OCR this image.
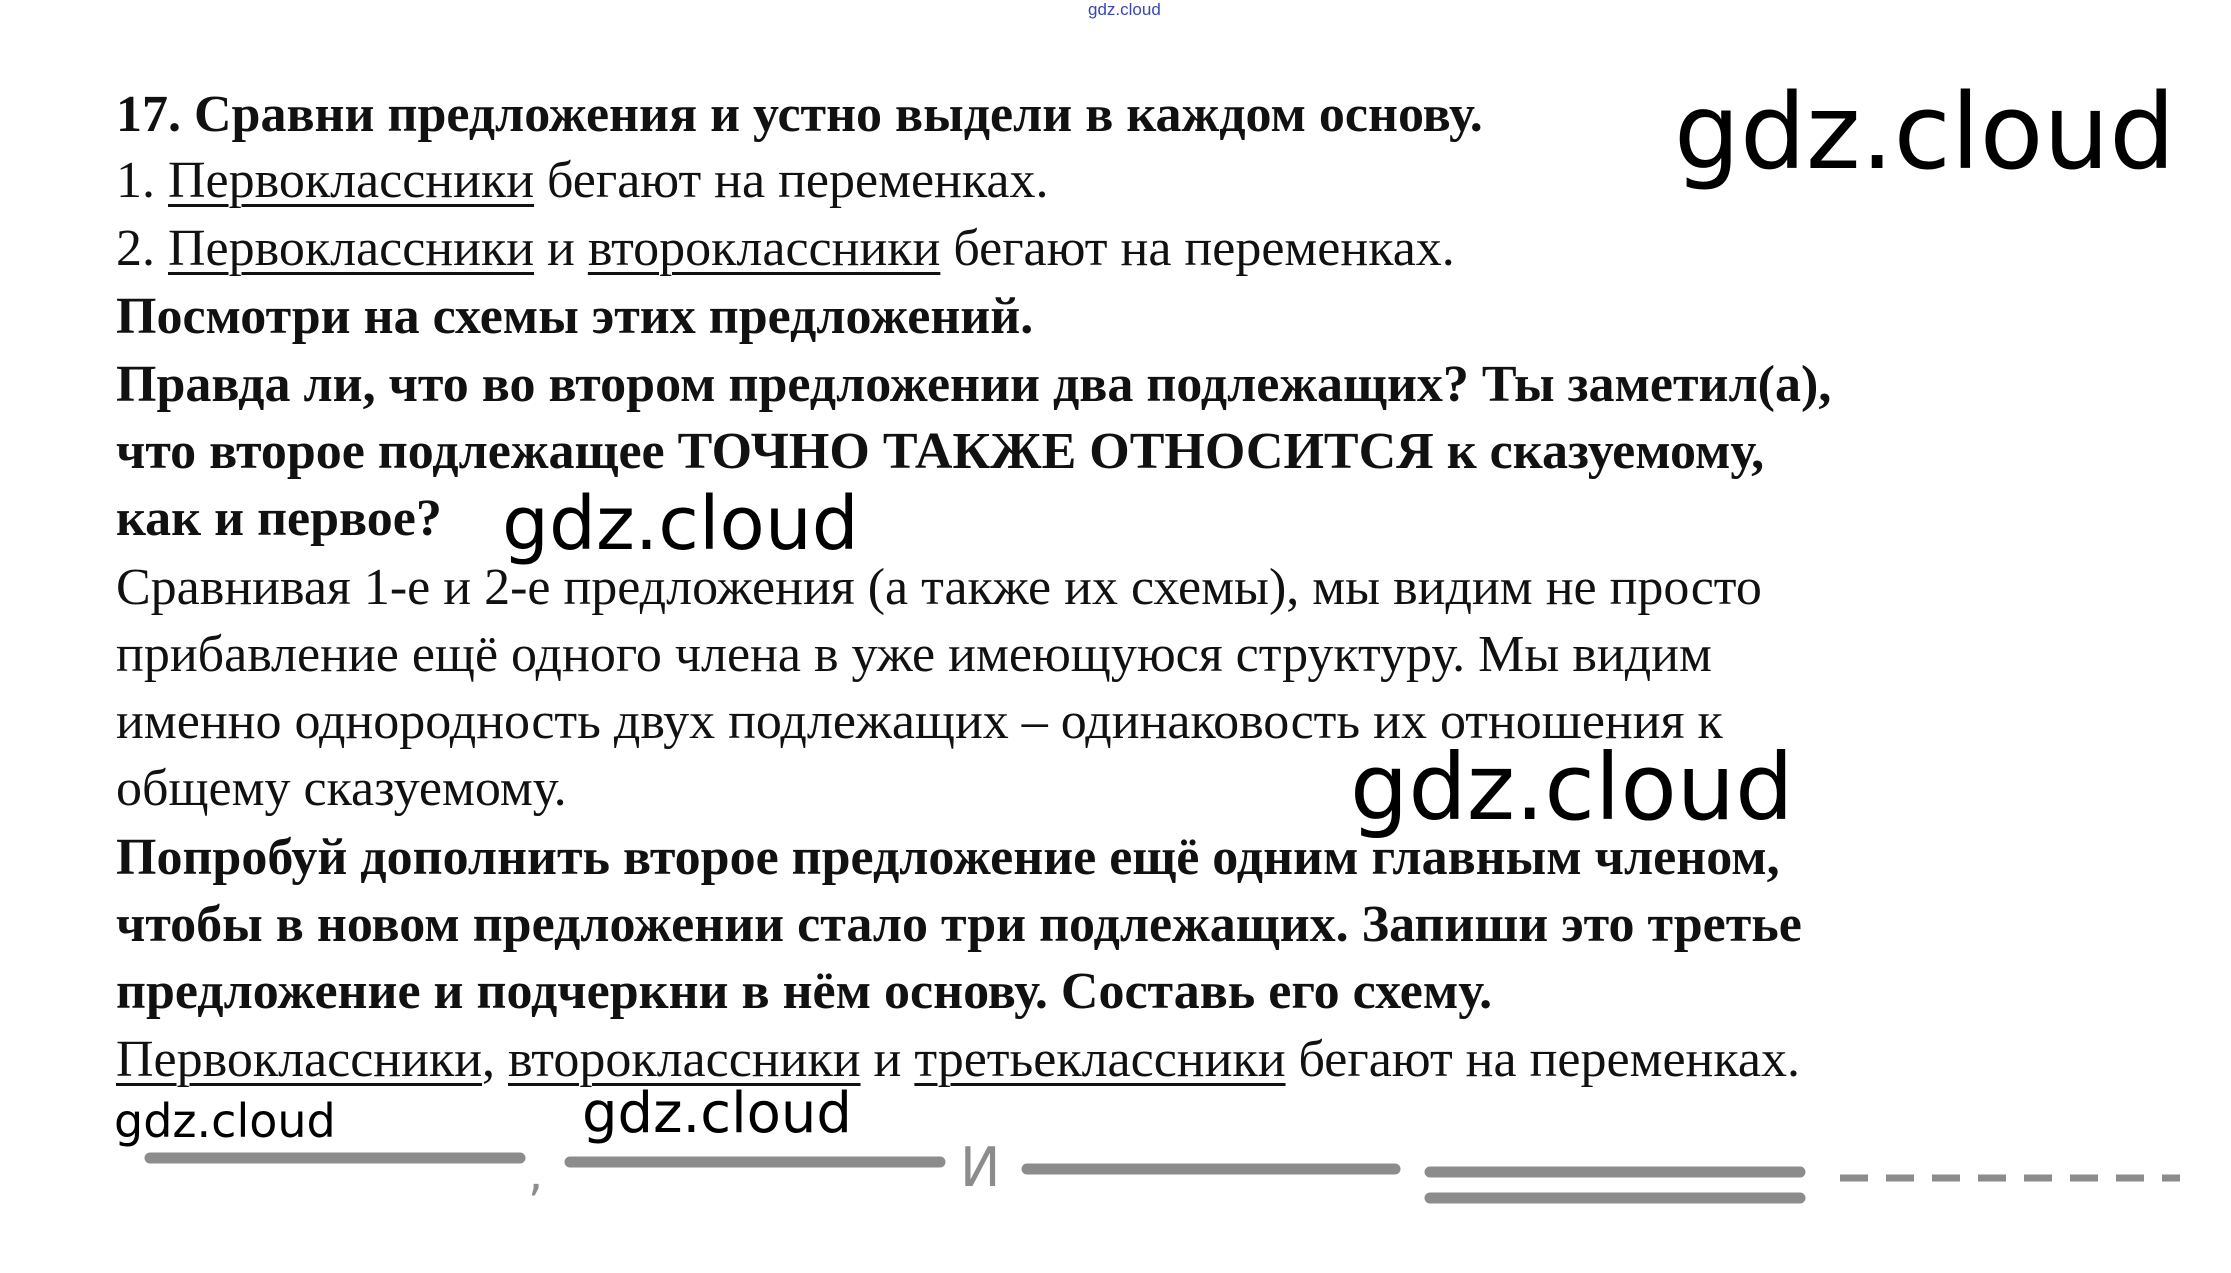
gdz.cloud
17. Сравни предложения и устно выдели в каждом основу.
1. Первоклассники бегают на переменках.
2. Первоклассники и второклассники бегают на переменках.
Посмотри на схемы этих предложений.
Правда ли, что во втором предложении два подлежащих? Ты заметил(а),
что второе подлежащее ТОЧНО ТАКЖЕ ОТНОСИТСЯ к сказуемому,
как и первое?
Сравнивая 1-е и 2-е предложения (а также их схемы), мы видим не просто
прибавление ещё одного члена в уже имеющуюся структуру. Мы видим
именно однородность двух подлежащих – одинаковость их отношения к
общему сказуемому.
Попробуй дополнить второе предложение ещё одним главным членом,
чтобы в новом предложении стало три подлежащих. Запиши это третье
предложение и подчеркни в нём основу. Составь его схему.
Первоклассники, второклассники и третьеклассники бегают на переменках.
,	И
gdz.cloud
gdz.cloud
gdz.cloud
gdz.cloud	gdz.cloud
